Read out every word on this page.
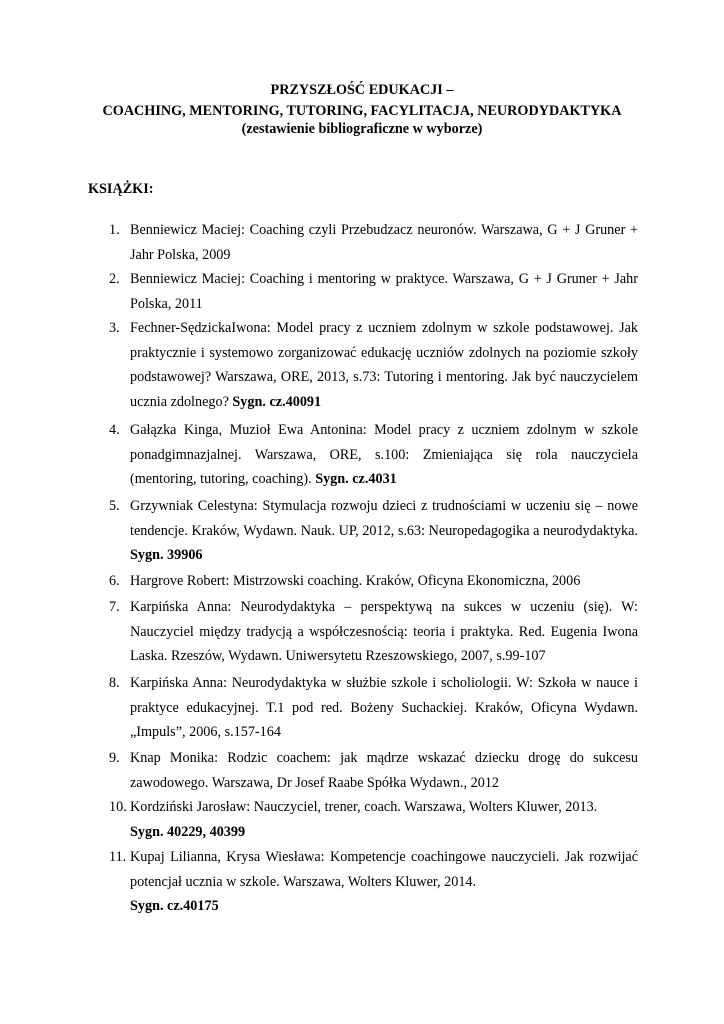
PRZYSZŁOŚĆ EDUKACJI –
COACHING, MENTORING, TUTORING, FACYLITACJA, NEURODYDAKTYKA
(zestawienie bibliograficzne w wyborze)
KSIĄŻKI:
1. Benniewicz Maciej: Coaching czyli Przebudzacz neuronów. Warszawa, G + J Gruner + Jahr Polska, 2009
2. Benniewicz Maciej: Coaching i mentoring w praktyce. Warszawa, G + J Gruner + Jahr Polska, 2011
3. Fechner-SędzickaIwona: Model pracy z uczniem zdolnym w szkole podstawowej. Jak praktycznie i systemowo zorganizować edukację uczniów zdolnych na poziomie szkoły podstawowej? Warszawa, ORE, 2013, s.73: Tutoring i mentoring. Jak być nauczycielem ucznia zdolnego? Sygn. cz.40091
4. Gałązka Kinga, Muzioł Ewa Antonina: Model pracy z uczniem zdolnym w szkole ponadgimnazjalnej. Warszawa, ORE, s.100: Zmieniająca się rola nauczyciela (mentoring, tutoring, coaching). Sygn. cz.4031
5. Grzywniak Celestyna: Stymulacja rozwoju dzieci z trudnościami w uczeniu się – nowe tendencje. Kraków, Wydawn. Nauk. UP, 2012, s.63: Neuropedagogika a neurodydaktyka. Sygn. 39906
6. Hargrove Robert: Mistrzowski coaching. Kraków, Oficyna Ekonomiczna, 2006
7. Karpińska Anna: Neurodydaktyka – perspektywą na sukces w uczeniu (się). W: Nauczyciel między tradycją a współczesnością: teoria i praktyka. Red. Eugenia Iwona Laska. Rzeszów, Wydawn. Uniwersytetu Rzeszowskiego, 2007, s.99-107
8. Karpińska Anna: Neurodydaktyka w służbie szkole i scholiologii. W: Szkoła w nauce i praktyce edukacyjnej. T.1 pod red. Bożeny Suchackiej. Kraków, Oficyna Wydawn. „Impuls”, 2006, s.157-164
9. Knap Monika: Rodzic coachem: jak mądrze wskazać dziecku drogę do sukcesu zawodowego. Warszawa, Dr Josef Raabe Spółka Wydawn., 2012
10. Kordziński Jarosław: Nauczyciel, trener, coach. Warszawa, Wolters Kluwer, 2013.
Sygn. 40229, 40399
11. Kupaj Lilianna, Krysa Wiesława: Kompetencje coachingowe nauczycieli. Jak rozwijać potencjał ucznia w szkole. Warszawa, Wolters Kluwer, 2014.
Sygn. cz.40175
